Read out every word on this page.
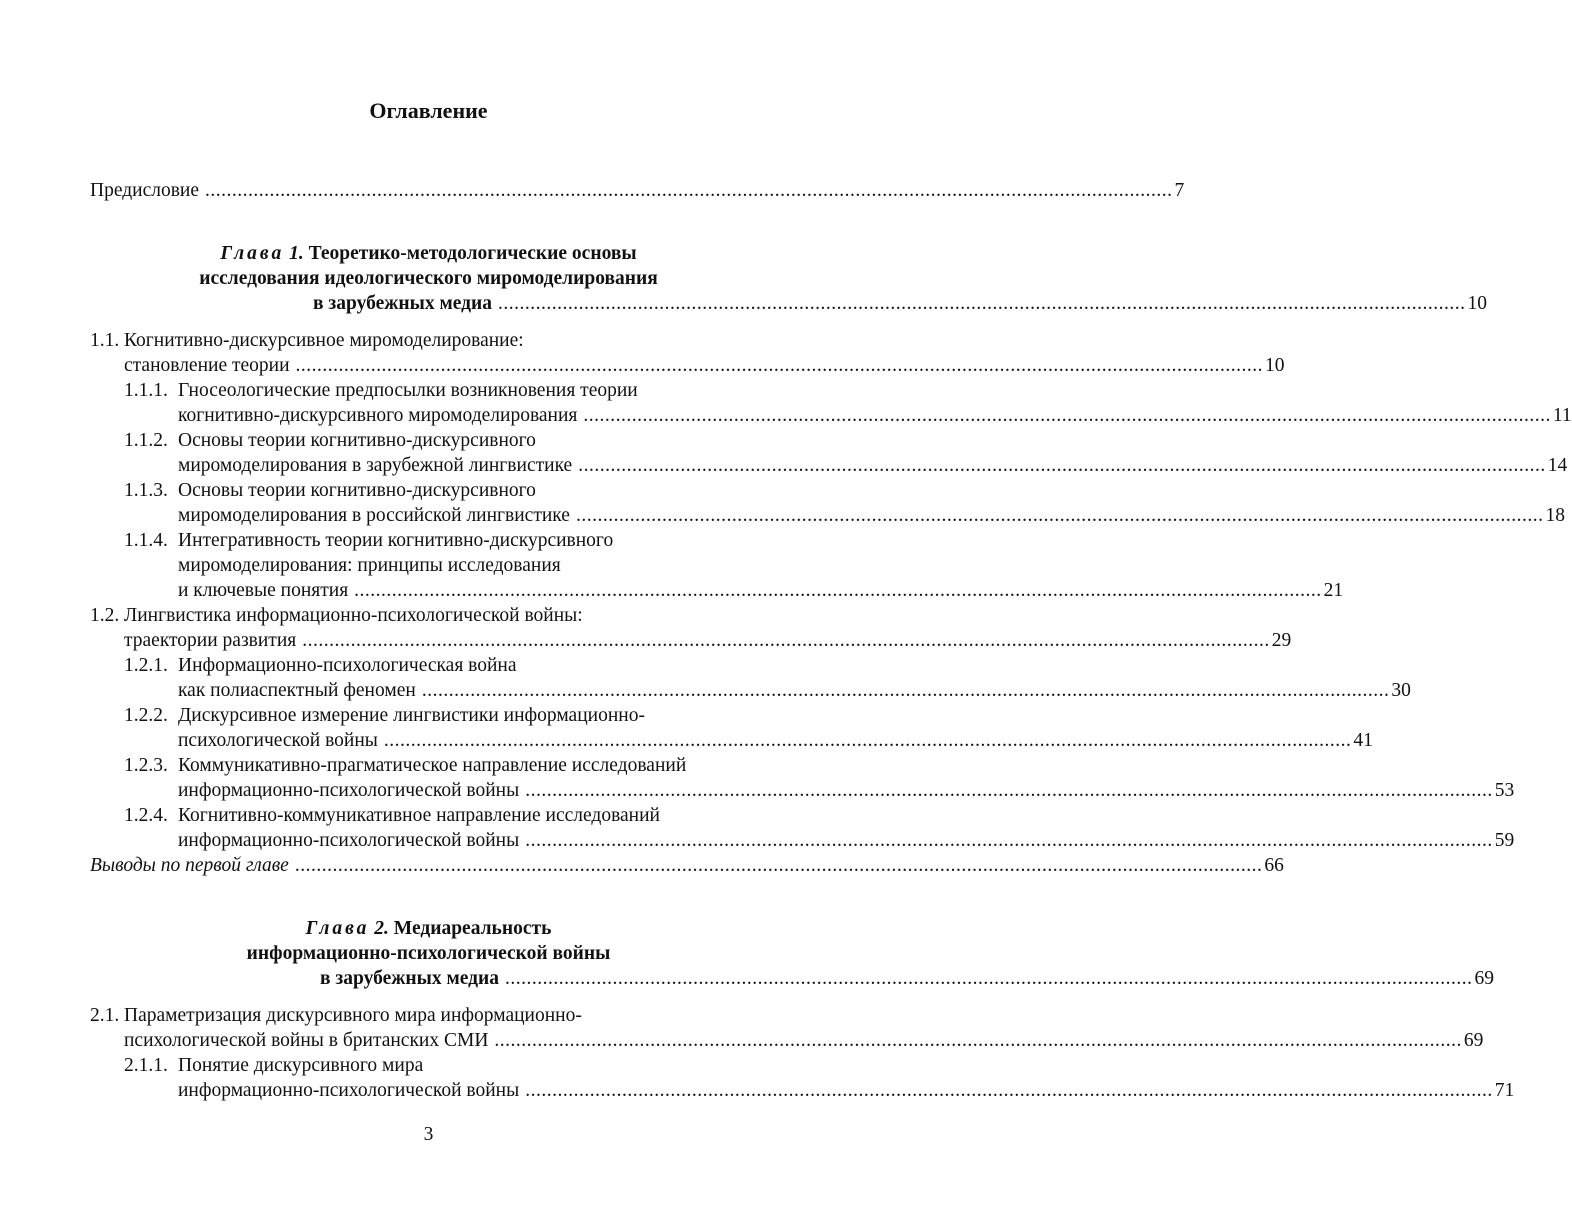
Оглавление
Предисловие .................................................................................................................................................................................... 7
Глава 1. Теоретико-методологические основы
исследования идеологического миромоделирования
в зарубежных медиа .................................................................................................................................................................................... 10
1.1. Когнитивно-дискурсивное миромоделирование:
становление теории .................................................................................................................................................................................... 10
1.1.1. Гносеологические предпосылки возникновения теории
когнитивно-дискурсивного миромоделирования .................................................................................................................................................................................... 11
1.1.2. Основы теории когнитивно-дискурсивного
миромоделирования в зарубежной лингвистике .................................................................................................................................................................................... 14
1.1.3. Основы теории когнитивно-дискурсивного
миромоделирования в российской лингвистике .................................................................................................................................................................................... 18
1.1.4. Интегративность теории когнитивно-дискурсивного
миромоделирования: принципы исследования
и ключевые понятия .................................................................................................................................................................................... 21
1.2. Лингвистика информационно-психологической войны:
траектории развития .................................................................................................................................................................................... 29
1.2.1. Информационно-психологическая война
как полиаспектный феномен .................................................................................................................................................................................... 30
1.2.2. Дискурсивное измерение лингвистики информационно-
психологической войны .................................................................................................................................................................................... 41
1.2.3. Коммуникативно-прагматическое направление исследований
информационно-психологической войны .................................................................................................................................................................................... 53
1.2.4. Когнитивно-коммуникативное направление исследований
информационно-психологической войны .................................................................................................................................................................................... 59
Выводы по первой главе .................................................................................................................................................................................... 66
Глава 2. Медиареальность
информационно-психологической войны
в зарубежных медиа .................................................................................................................................................................................... 69
2.1. Параметризация дискурсивного мира информационно-
психологической войны в британских СМИ .................................................................................................................................................................................... 69
2.1.1. Понятие дискурсивного мира
информационно-психологической войны .................................................................................................................................................................................... 71
3
